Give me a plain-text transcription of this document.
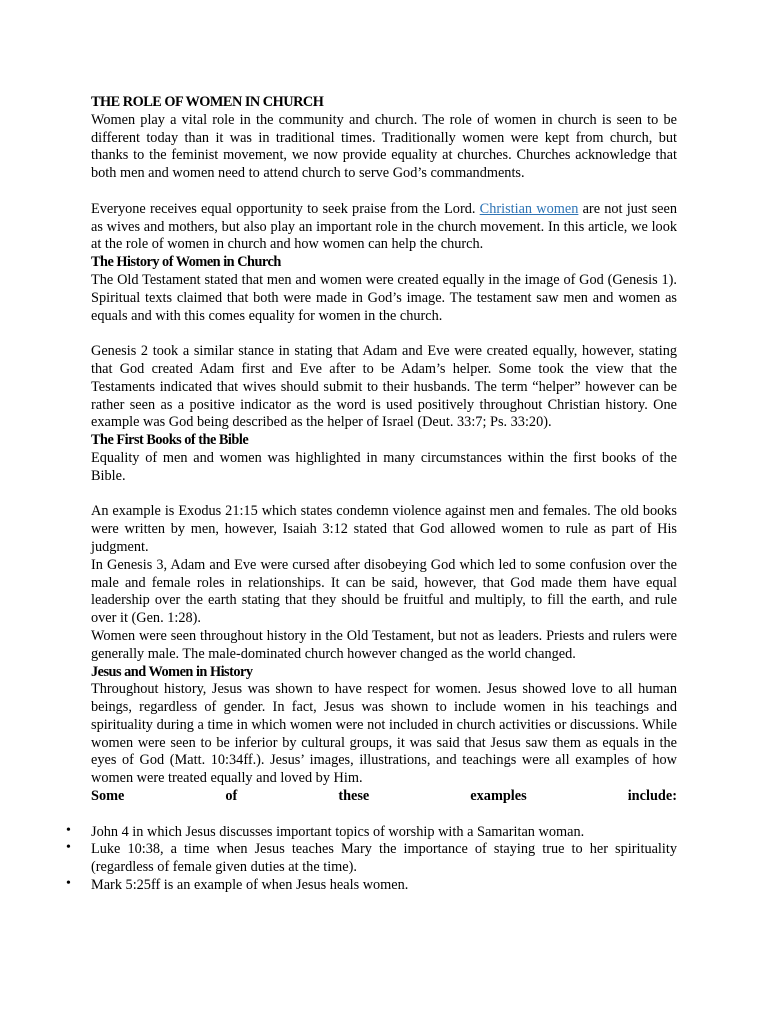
THE ROLE OF WOMEN IN CHURCH

Women play a vital role in the community and church. The role of women in church is seen to be different today than it was in traditional times. Traditionally women were kept from church, but thanks to the feminist movement, we now provide equality at churches. Churches acknowledge that both men and women need to attend church to serve God’s commandments.

Everyone receives equal opportunity to seek praise from the Lord. Christian women are not just seen as wives and mothers, but also play an important role in the church movement. In this article, we look at the role of women in church and how women can help the church.

The History of Women in Church

The Old Testament stated that men and women were created equally in the image of God (Genesis 1). Spiritual texts claimed that both were made in God’s image. The testament saw men and women as equals and with this comes equality for women in the church.

Genesis 2 took a similar stance in stating that Adam and Eve were created equally, however, stating that God created Adam first and Eve after to be Adam’s helper. Some took the view that the Testaments indicated that wives should submit to their husbands. The term “helper” however can be rather seen as a positive indicator as the word is used positively throughout Christian history. One example was God being described as the helper of Israel (Deut. 33:7; Ps. 33:20).

The First Books of the Bible

Equality of men and women was highlighted in many circumstances within the first books of the Bible.

An example is Exodus 21:15 which states condemn violence against men and females. The old books were written by men, however, Isaiah 3:12 stated that God allowed women to rule as part of His judgment.

In Genesis 3, Adam and Eve were cursed after disobeying God which led to some confusion over the male and female roles in relationships. It can be said, however, that God made them have equal leadership over the earth stating that they should be fruitful and multiply, to fill the earth, and rule over it (Gen. 1:28).

Women were seen throughout history in the Old Testament, but not as leaders. Priests and rulers were generally male. The male-dominated church however changed as the world changed.

Jesus and Women in History

Throughout history, Jesus was shown to have respect for women. Jesus showed love to all human beings, regardless of gender. In fact, Jesus was shown to include women in his teachings and spirituality during a time in which women were not included in church activities or discussions. While women were seen to be inferior by cultural groups, it was said that Jesus saw them as equals in the eyes of God (Matt. 10:34ff.). Jesus’ images, illustrations, and teachings were all examples of how women were treated equally and loved by Him.

Some	of	these	examples	include:
• John 4 in which Jesus discusses important topics of worship with a Samaritan woman.
• Luke 10:38, a time when Jesus teaches Mary the importance of staying true to her spirituality (regardless of female given duties at the time).
• Mark 5:25ff is an example of when Jesus heals women.
